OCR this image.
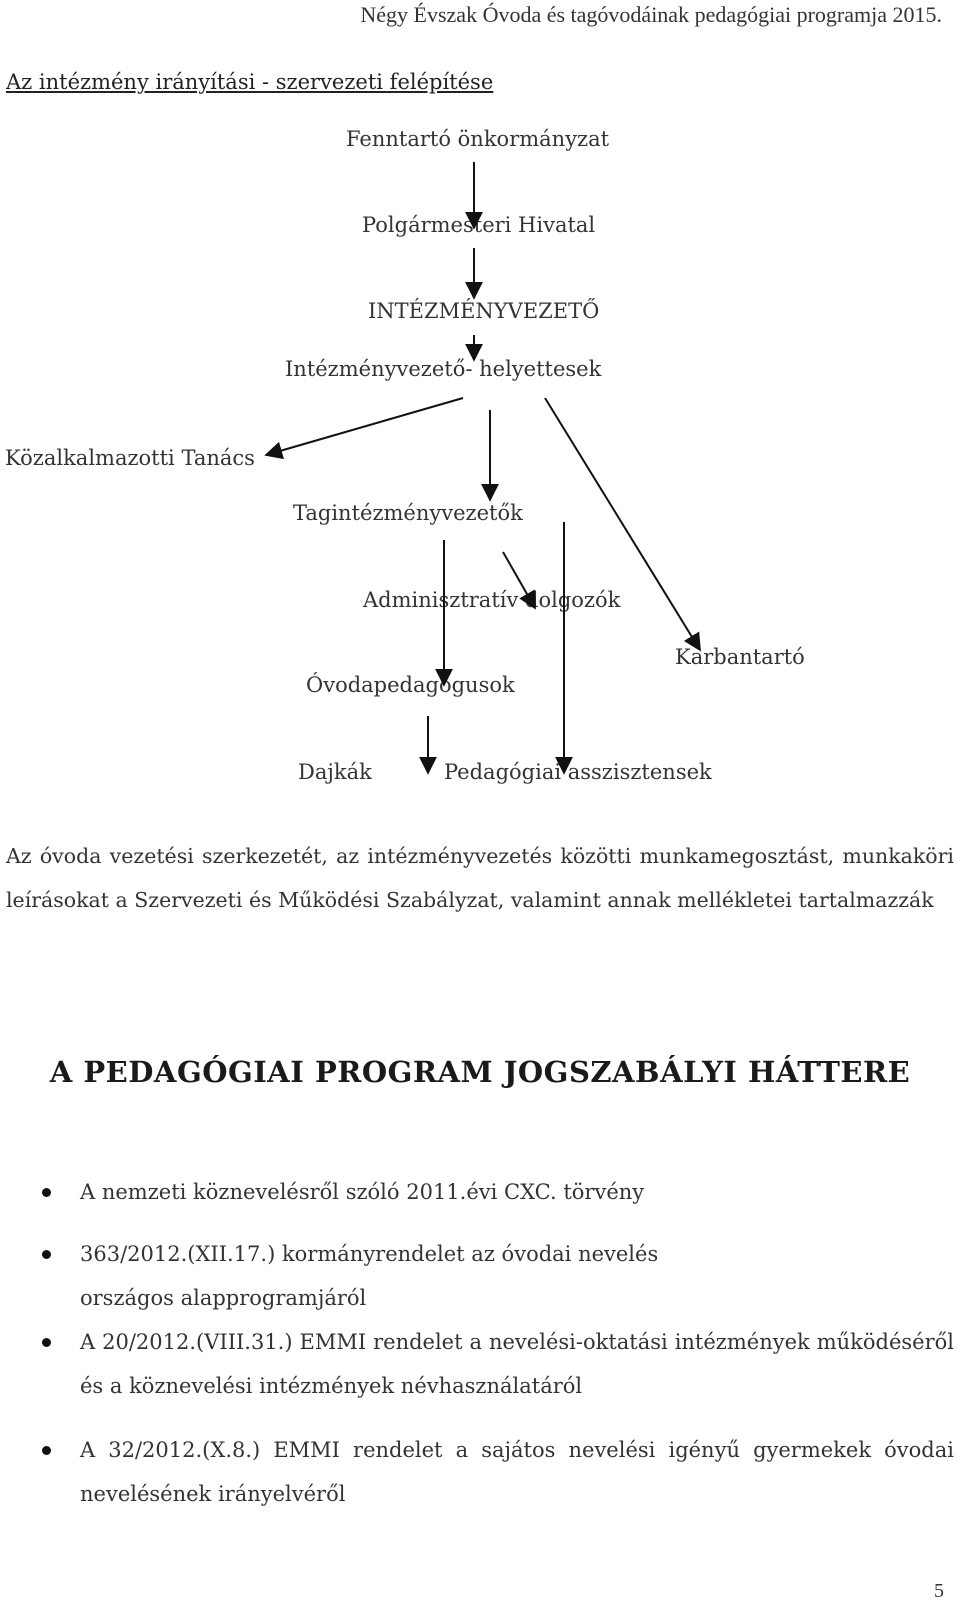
Négy Évszak Óvoda és tagóvodáinak pedagógiai programja 2015.
Az intézmény irányítási - szervezeti felépítése
Fenntartó önkormányzat
Polgármesteri Hivatal
INTÉZMÉNYVEZETŐ
Intézményvezető- helyettesek
Közalkalmazotti Tanács
Tagintézményvezetők
Adminisztratív dolgozók
Karbantartó
Óvodapedagógusok
Dajkák	Pedagógiai asszisztensek
Az óvoda vezetési szerkezetét, az intézményvezetés közötti munkamegosztást, munkaköri leírásokat a Szervezeti és Működési Szabályzat, valamint annak mellékletei tartalmazzák
A PEDAGÓGIAI PROGRAM JOGSZABÁLYI HÁTTERE
A nemzeti köznevelésről szóló 2011.évi CXC. törvény
363/2012.(XII.17.) kormányrendelet az óvodai nevelés országos alapprogramjáról
A 20/2012.(VIII.31.) EMMI rendelet a nevelési-oktatási intézmények működéséről és a köznevelési intézmények névhasználatáról
A 32/2012.(X.8.) EMMI rendelet a sajátos nevelési igényű gyermekek óvodai nevelésének irányelvéről
5
